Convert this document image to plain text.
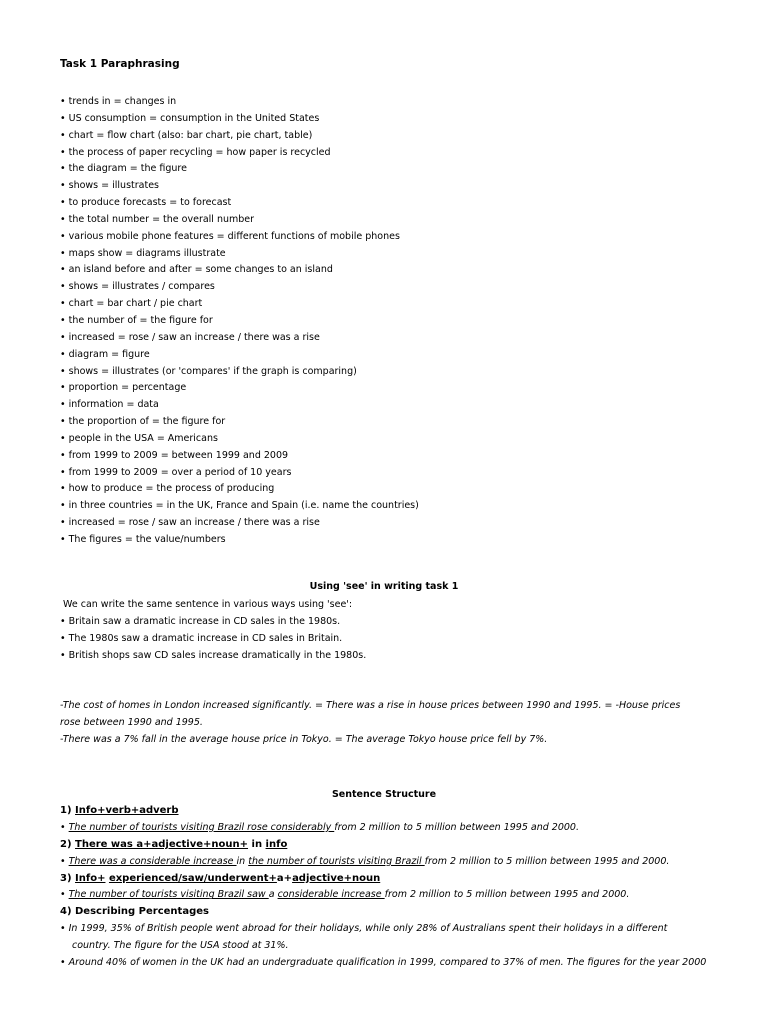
Task 1 Paraphrasing
• trends in = changes in
• US consumption = consumption in the United States
• chart = flow chart (also: bar chart, pie chart, table)
• the process of paper recycling = how paper is recycled
• the diagram = the figure
• shows = illustrates
• to produce forecasts = to forecast
• the total number = the overall number
• various mobile phone features = different functions of mobile phones
• maps show = diagrams illustrate
• an island before and after = some changes to an island
• shows = illustrates / compares
• chart = bar chart / pie chart
• the number of = the figure for
• increased = rose / saw an increase / there was a rise
• diagram = figure
• shows = illustrates (or 'compares' if the graph is comparing)
• proportion = percentage
• information = data
• the proportion of = the figure for
• people in the USA = Americans
• from 1999 to 2009 = between 1999 and 2009
• from 1999 to 2009 = over a period of 10 years
• how to produce = the process of producing
• in three countries = in the UK, France and Spain (i.e. name the countries)
• increased = rose / saw an increase / there was a rise
• The figures = the value/numbers
Using 'see' in writing task 1
We can write the same sentence in various ways using 'see':
• Britain saw a dramatic increase in CD sales in the 1980s.
• The 1980s saw a dramatic increase in CD sales in Britain.
• British shops saw CD sales increase dramatically in the 1980s.
-The cost of homes in London increased significantly. = There was a rise in house prices between 1990 and 1995. = -House prices rose between 1990 and 1995.
-There was a 7% fall in the average house price in Tokyo. = The average Tokyo house price fell by 7%.
Sentence Structure
1) Info+verb+adverb
• The number of tourists visiting Brazil rose considerably from 2 million to 5 million between 1995 and 2000.
2) There was a+adjective+noun+ in info
• There was a considerable increase in the number of tourists visiting Brazil from 2 million to 5 million between 1995 and 2000.
3) Info+ experienced/saw/underwent+a+adjective+noun
• The number of tourists visiting Brazil saw a considerable increase from 2 million to 5 million between 1995 and 2000.
4) Describing Percentages
• In 1999, 35% of British people went abroad for their holidays, while only 28% of Australians spent their holidays in a different
country. The figure for the USA stood at 31%.
• Around 40% of women in the UK had an undergraduate qualification in 1999, compared to 37% of men. The figures for the year 2000
